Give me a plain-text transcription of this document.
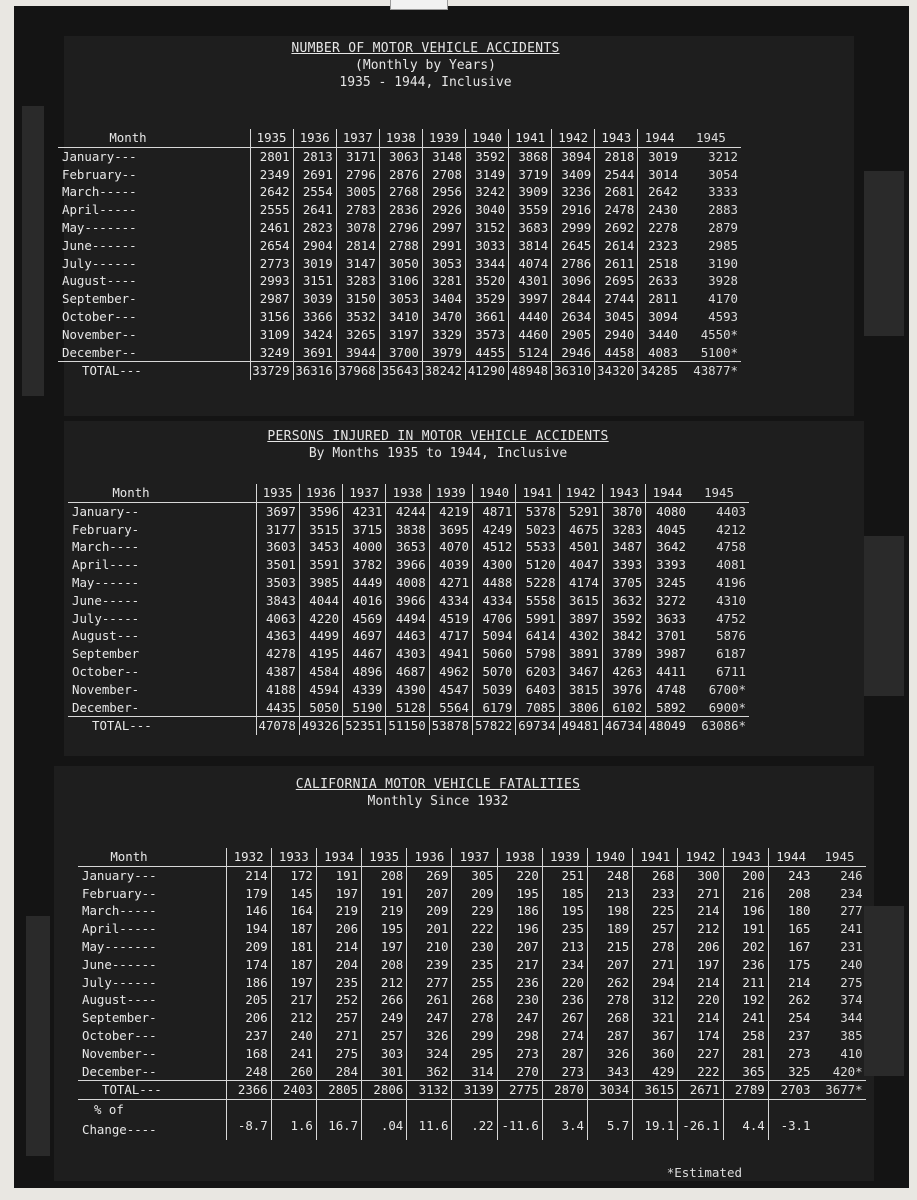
NUMBER OF MOTOR VEHICLE ACCIDENTS
(Monthly by Years)
1935 - 1944, Inclusive
Month		1935	1936	1937	1938	1939	1940	1941	1942	1943	1944	1945
January---		2801	2813	3171	3063	3148	3592	3868	3894	2818	3019	3212
February--		2349	2691	2796	2876	2708	3149	3719	3409	2544	3014	3054
March-----		2642	2554	3005	2768	2956	3242	3909	3236	2681	2642	3333
April-----		2555	2641	2783	2836	2926	3040	3559	2916	2478	2430	2883
May-------		2461	2823	3078	2796	2997	3152	3683	2999	2692	2278	2879
June------		2654	2904	2814	2788	2991	3033	3814	2645	2614	2323	2985
July------		2773	3019	3147	3050	3053	3344	4074	2786	2611	2518	3190
August----		2993	3151	3283	3106	3281	3520	4301	3096	2695	2633	3928
September-		2987	3039	3150	3053	3404	3529	3997	2844	2744	2811	4170
October---		3156	3366	3532	3410	3470	3661	4440	2634	3045	3094	4593
November--		3109	3424	3265	3197	3329	3573	4460	2905	2940	3440	4550*
December--		3249	3691	3944	3700	3979	4455	5124	2946	4458	4083	5100*
TOTAL---		33729	36316	37968	35643	38242	41290	48948	36310	34320	34285	43877*
PERSONS INJURED IN MOTOR VEHICLE ACCIDENTS
By Months 1935 to 1944, Inclusive
Month		1935	1936	1937	1938	1939	1940	1941	1942	1943	1944	1945
January--		3697	3596	4231	4244	4219	4871	5378	5291	3870	4080	4403
February-		3177	3515	3715	3838	3695	4249	5023	4675	3283	4045	4212
March----		3603	3453	4000	3653	4070	4512	5533	4501	3487	3642	4758
April----		3501	3591	3782	3966	4039	4300	5120	4047	3393	3393	4081
May------		3503	3985	4449	4008	4271	4488	5228	4174	3705	3245	4196
June-----		3843	4044	4016	3966	4334	4334	5558	3615	3632	3272	4310
July-----		4063	4220	4569	4494	4519	4706	5991	3897	3592	3633	4752
August---		4363	4499	4697	4463	4717	5094	6414	4302	3842	3701	5876
September		4278	4195	4467	4303	4941	5060	5798	3891	3789	3987	6187
October--		4387	4584	4896	4687	4962	5070	6203	3467	4263	4411	6711
November-		4188	4594	4339	4390	4547	5039	6403	3815	3976	4748	6700*
December-		4435	5050	5190	5128	5564	6179	7085	3806	6102	5892	6900*
TOTAL---		47078	49326	52351	51150	53878	57822	69734	49481	46734	48049	63086*
CALIFORNIA MOTOR VEHICLE FATALITIES
Monthly Since 1932
Month		1932	1933	1934	1935	1936	1937	1938	1939	1940	1941	1942	1943	1944	1945
January---		214	172	191	208	269	305	220	251	248	268	300	200	243	246
February--		179	145	197	191	207	209	195	185	213	233	271	216	208	234
March-----		146	164	219	219	209	229	186	195	198	225	214	196	180	277
April-----		194	187	206	195	201	222	196	235	189	257	212	191	165	241
May-------		209	181	214	197	210	230	207	213	215	278	206	202	167	231
June------		174	187	204	208	239	235	217	234	207	271	197	236	175	240
July------		186	197	235	212	277	255	236	220	262	294	214	211	214	275
August----		205	217	252	266	261	268	230	236	278	312	220	192	262	374
September-		206	212	257	249	247	278	247	267	268	321	214	241	254	344
October---		237	240	271	257	326	299	298	274	287	367	174	258	237	385
November--		168	241	275	303	324	295	273	287	326	360	227	281	273	410
December--		248	260	284	301	362	314	270	273	343	429	222	365	325	420*
TOTAL---		2366	2403	2805	2806	3132	3139	2775	2870	3034	3615	2671	2789	2703	3677*

% of
Change----		-8.7	1.6	16.7	.04	11.6	.22	-11.6	3.4	5.7	19.1	-26.1	4.4	-3.1	
*Estimated
